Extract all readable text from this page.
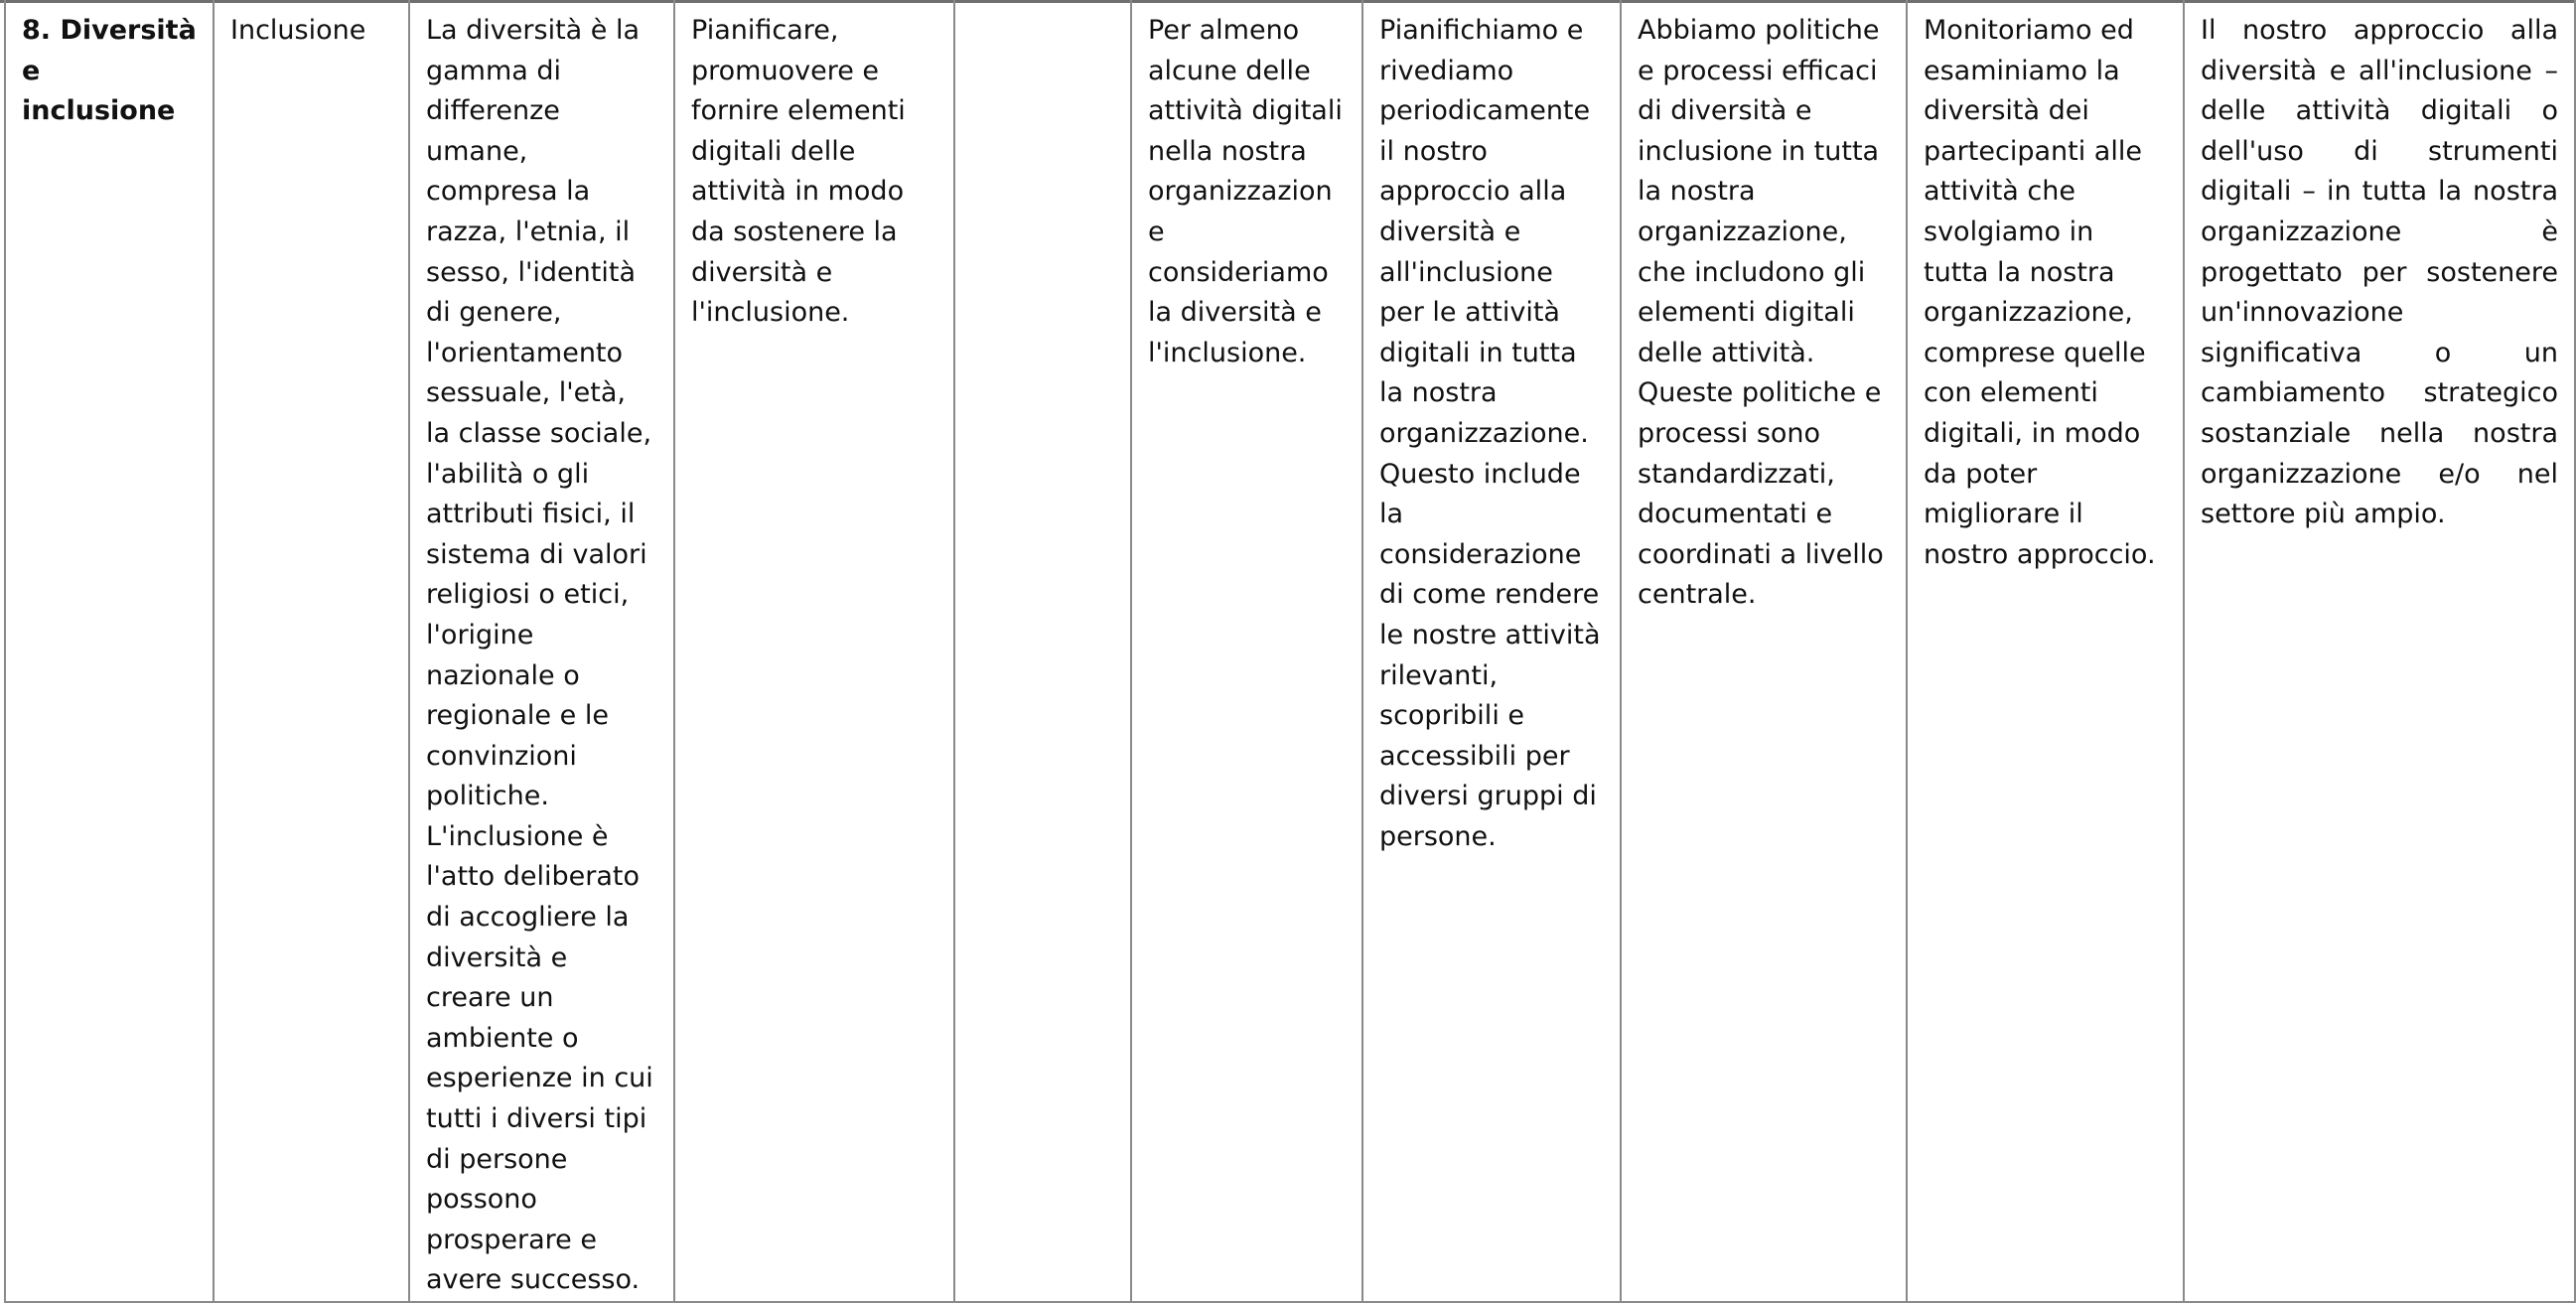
8. Diversità e inclusione	Inclusione	La diversità è la gamma di differenze umane, compresa la razza, l'etnia, il sesso, l'identità di genere, l'orientamento sessuale, l'età, la classe sociale, l'abilità o gli attributi fisici, il sistema di valori religiosi o etici, l'origine nazionale o regionale e le convinzioni politiche. L'inclusione è l'atto deliberato di accogliere la diversità e creare un ambiente o esperienze in cui tutti i diversi tipi di persone possono prosperare e avere successo.	Pianificare, promuovere e fornire elementi digitali delle attività in modo da sostenere la diversità e l'inclusione.		Per almeno alcune delle attività digitali nella nostra organizzazione consideriamo la diversità e l'inclusione.	Pianifichiamo e rivediamo periodicamente il nostro approccio alla diversità e all'inclusione per le attività digitali in tutta la nostra organizzazione. Questo include la considerazione di come rendere le nostre attività rilevanti, scopribili e accessibili per diversi gruppi di persone.	Abbiamo politiche e processi efficaci di diversità e inclusione in tutta la nostra organizzazione, che includono gli elementi digitali delle attività. Queste politiche e processi sono standardizzati, documentati e coordinati a livello centrale.	Monitoriamo ed esaminiamo la diversità dei partecipanti alle attività che svolgiamo in tutta la nostra organizzazione, comprese quelle con elementi digitali, in modo da poter migliorare il nostro approccio.	Il nostro approccio alla diversità e all'inclusione – delle attività digitali o dell'uso di strumenti digitali – in tutta la nostra organizzazione è progettato per sostenere un'innovazione significativa o un cambiamento strategico sostanziale nella nostra organizzazione e/o nel settore più ampio.
